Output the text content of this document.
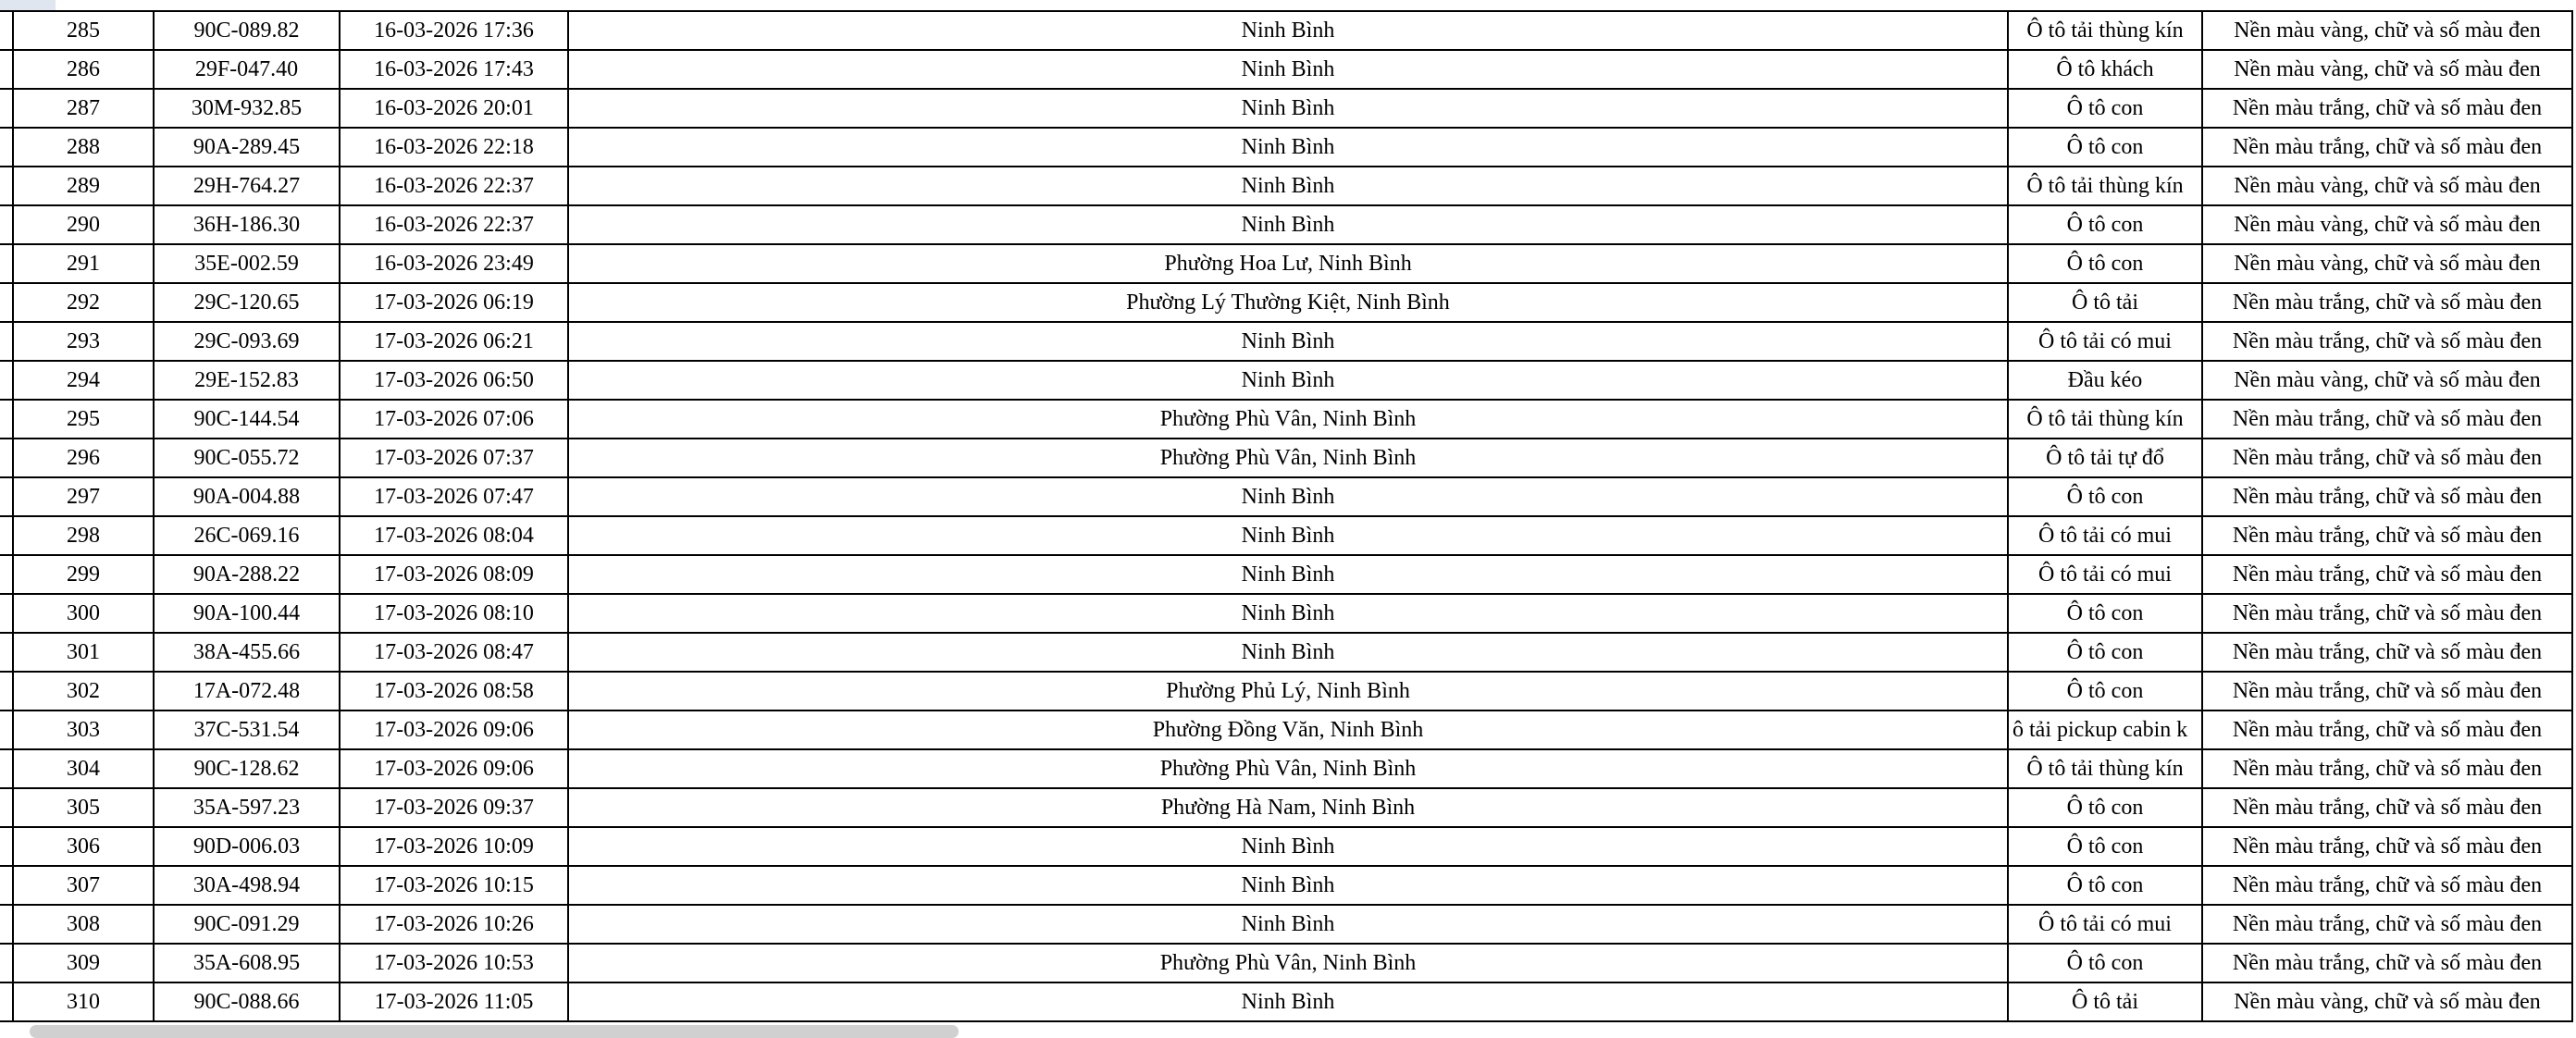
285	90C-089.82	16-03-2026 17:36	Ninh Bình	Ô tô tải thùng kín	Nền màu vàng, chữ và số màu đen
286	29F-047.40	16-03-2026 17:43	Ninh Bình	Ô tô khách	Nền màu vàng, chữ và số màu đen
287	30M-932.85	16-03-2026 20:01	Ninh Bình	Ô tô con	Nền màu trắng, chữ và số màu đen
288	90A-289.45	16-03-2026 22:18	Ninh Bình	Ô tô con	Nền màu trắng, chữ và số màu đen
289	29H-764.27	16-03-2026 22:37	Ninh Bình	Ô tô tải thùng kín	Nền màu vàng, chữ và số màu đen
290	36H-186.30	16-03-2026 22:37	Ninh Bình	Ô tô con	Nền màu vàng, chữ và số màu đen
291	35E-002.59	16-03-2026 23:49	Phường Hoa Lư, Ninh Bình	Ô tô con	Nền màu vàng, chữ và số màu đen
292	29C-120.65	17-03-2026 06:19	Phường Lý Thường Kiệt, Ninh Bình	Ô tô tải	Nền màu trắng, chữ và số màu đen
293	29C-093.69	17-03-2026 06:21	Ninh Bình	Ô tô tải có mui	Nền màu trắng, chữ và số màu đen
294	29E-152.83	17-03-2026 06:50	Ninh Bình	Đầu kéo	Nền màu vàng, chữ và số màu đen
295	90C-144.54	17-03-2026 07:06	Phường Phù Vân, Ninh Bình	Ô tô tải thùng kín	Nền màu trắng, chữ và số màu đen
296	90C-055.72	17-03-2026 07:37	Phường Phù Vân, Ninh Bình	Ô tô tải tự đổ	Nền màu trắng, chữ và số màu đen
297	90A-004.88	17-03-2026 07:47	Ninh Bình	Ô tô con	Nền màu trắng, chữ và số màu đen
298	26C-069.16	17-03-2026 08:04	Ninh Bình	Ô tô tải có mui	Nền màu trắng, chữ và số màu đen
299	90A-288.22	17-03-2026 08:09	Ninh Bình	Ô tô tải có mui	Nền màu trắng, chữ và số màu đen
300	90A-100.44	17-03-2026 08:10	Ninh Bình	Ô tô con	Nền màu trắng, chữ và số màu đen
301	38A-455.66	17-03-2026 08:47	Ninh Bình	Ô tô con	Nền màu trắng, chữ và số màu đen
302	17A-072.48	17-03-2026 08:58	Phường Phủ Lý, Ninh Bình	Ô tô con	Nền màu trắng, chữ và số màu đen
303	37C-531.54	17-03-2026 09:06	Phường Đồng Văn, Ninh Bình	ô tải pickup cabin k	Nền màu trắng, chữ và số màu đen
304	90C-128.62	17-03-2026 09:06	Phường Phù Vân, Ninh Bình	Ô tô tải thùng kín	Nền màu trắng, chữ và số màu đen
305	35A-597.23	17-03-2026 09:37	Phường Hà Nam, Ninh Bình	Ô tô con	Nền màu trắng, chữ và số màu đen
306	90D-006.03	17-03-2026 10:09	Ninh Bình	Ô tô con	Nền màu trắng, chữ và số màu đen
307	30A-498.94	17-03-2026 10:15	Ninh Bình	Ô tô con	Nền màu trắng, chữ và số màu đen
308	90C-091.29	17-03-2026 10:26	Ninh Bình	Ô tô tải có mui	Nền màu trắng, chữ và số màu đen
309	35A-608.95	17-03-2026 10:53	Phường Phù Vân, Ninh Bình	Ô tô con	Nền màu trắng, chữ và số màu đen
310	90C-088.66	17-03-2026 11:05	Ninh Bình	Ô tô tải	Nền màu vàng, chữ và số màu đen
